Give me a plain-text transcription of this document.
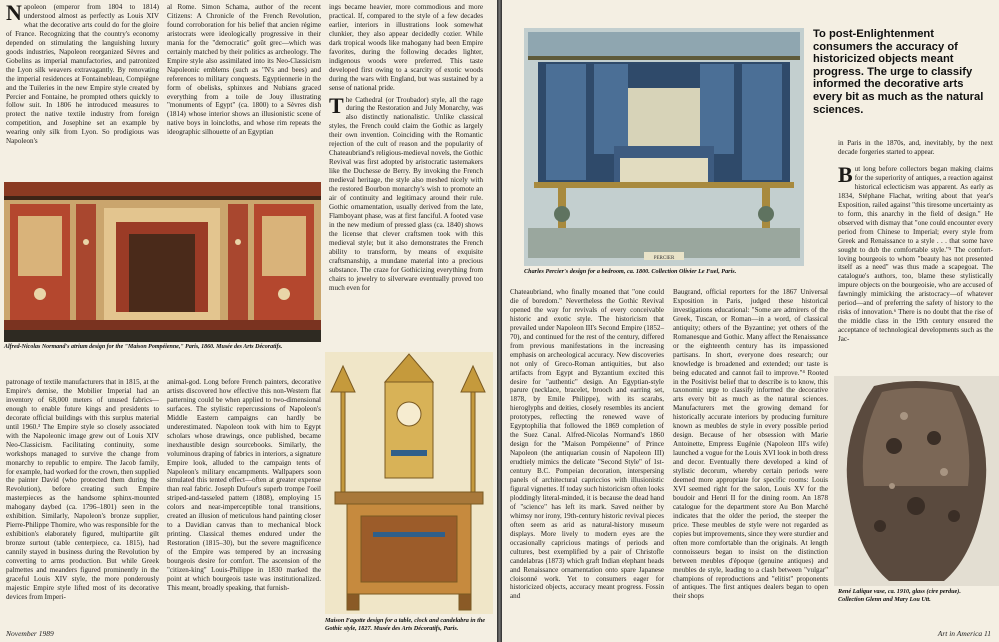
Napoleon (emperor from 1804 to 1814) understood almost as perfectly as Louis XIV what the decorative arts could do for the gloire of France. Recognizing that the country's economy depended on stimulating the languishing luxury goods industries, Napoleon reorganized Sèvres and Gobelins as imperial manufactories, and patronized the Lyon silk weavers extravagantly. By renovating the imperial residences at Fontainebleau, Compiègne and the Tuileries in the new Empire style created by Percier and Fontaine, he prompted others quickly to follow suit. In 1806 he introduced measures to protect the native textile industry from foreign competition, and Josephine set an example by wearing only silk from Lyon. So prodigious was Napoleon's

al Rome. Simon Schama, author of the recent Citizens: A Chronicle of the French Revolution, found corroboration for his belief that ancien régime aristocrats were ideologically progressive in their mania for the "democratic" goût grec—which was certainly matched by their politics as archeology. The Empire style also assimilated into its Neo-Classicism Napoleonic emblems (such as "N's and bees) and references to military conquests. Egyptiennerie in the form of obelisks, sphinxes and Nubians graced everything from a toile de Jouy illustrating "monuments of Egypt" (ca. 1800) to a Sèvres dish (1814) whose interior shows an illusionistic scene of native boys in loincloths, and whose rim repeats the ideographic silhouette of an Egyptian

ings became heavier, more commodious and more practical. If, compared to the style of a few decades earlier, interiors in illustrations look somewhat clunkier, they also appear decidedly cozier. While dark tropical woods like mahogany had been Empire favorites, during the following decades lighter, indigenous woods were preferred. This taste developed first owing to a scarcity of exotic woods during the wars with England, but was sustained by a sense of national pride.

The Cathedral (or Troubador) style, all the rage during the Restoration and July Monarchy, was also distinctly nationalistic. Unlike classical styles, the French could claim the Gothic as largely their own invention. Coinciding with the Romantic rejection of the cult of reason and the popularity of Chateaubriand's religious-medieval novels, the Gothic Revival was first adopted by aristocratic tastemakers like the Duchesse de Berry. By invoking the French medieval heritage, the style also meshed nicely with the restored Bourbon monarchy's wish to promote an air of continuity and legitimacy around their rule. Gothic ornamentation, usually derived from the late, Flamboyant phase, was at first fanciful. A footed vase in the new medium of pressed glass (ca. 1840) shows the license that clever craftsmen took with this medieval style; but it also demonstrates the French ability to transform, by means of exquisite craftsmanship, a mundane material into a precious substance. The craze for Gothicizing everything from chairs to jewelry to silverware eventually proved too much even for

Alfred-Nicolas Normand's atrium design for the "Maison Pompéienne," Paris, 1860. Musée des Arts Décoratifs.

patronage of textile manufacturers that in 1815, at the Empire's demise, the Mobilier Imperial had an inventory of 68,000 meters of unused fabrics—enough to enable future kings and presidents to decorate official buildings with this surplus material until 1960.³ The Empire style so closely associated with the Napoleonic image grew out of Louis XIV Neo-Classicism. Facilitating continuity, some workshops managed to survive the change from monarchy to republic to empire. The Jacob family, for example, had worked for the crown, then supplied the painter David (who protected them during the Revolution), before creating such Empire masterpieces as the handsome sphinx-mounted mahogany daybed (ca. 1796–1801) seen in the exhibition. Similarly, Napoleon's bronze supplier, Pierre-Philippe Thomire, who was responsible for the exhibition's elaborately figured, multipartite gilt bronze surtout (table centerpiece, ca. 1815), had cannily stayed in business during the Revolution by converting to arms production. But while Greek palmettes and meanders figured prominently in the graceful Louis XIV style, the more ponderously majestic Empire style lifted most of its decorative devices from Imperi-

animal-god. Long before French painters, decorative artists discovered how effective this non-Western flat patterning could be when applied to two-dimensional surfaces. The stylistic repercussions of Napoleon's Middle Eastern campaigns can hardly be underestimated. Napoleon took with him to Egypt scholars whose drawings, once published, became inexhaustible design sourcebooks. Similarly, the voluminous draping of fabrics in interiors, a signature Empire look, alluded to the campaign tents of Napoleon's military encampments. Wallpapers soon simulated this tented effect—often at greater expense than real fabric. Joseph Dufour's superb trompe l'oeil striped-and-tasseled pattern (1808), employing 15 colors and near-imperceptible tonal transitions, created an illusion of meticulous hand painting closer to a Davidian canvas than to mechanical block printing. Classical themes endured under the Restoration (1815–30), but the severe magnificence of the Empire was tempered by an increasing bourgeois desire for comfort. The ascension of the "citizen-king" Louis-Philippe in 1830 marked the point at which bourgeois taste was institutionalized. This meant, broadly speaking, that furnish-

Maison Fagotte design for a table, clock and candelabra in the Gothic style, 1827. Musée des Arts Décoratifs, Paris.
November 1989
PERCIER
Charles Percier's design for a bedroom, ca. 1800. Collection Olivier Le Fuel, Paris.
To post-Enlightenment consumers the accuracy of historicized objects meant progress. The urge to classify informed the decorative arts every bit as much as the natural sciences.

in Paris in the 1870s, and, inevitably, by the next decade forgeries started to appear.

Chateaubriand, who finally moaned that "one could die of boredom." Nevertheless the Gothic Revival opened the way for revivals of every conceivable historic and exotic style. The historicism that prevailed under Napoleon III's Second Empire (1852–70), and continued for the rest of the century, differed from previous manifestations in the increasing emphasis on archeological accuracy. New discoveries not only of Greco-Roman antiquities, but also artifacts from Egypt and Byzantium excited this desire for "authentic" design. An Egyptian-style parure (necklace, bracelet, brooch and earring set, 1878, by Emile Philippe), with its scarabs, hieroglyphs and deities, closely resembles its ancient prototypes, reflecting the renewed wave of Egyptophilia that followed the 1869 completion of the Suez Canal. Alfred-Nicolas Normand's 1860 design for the "Maison Pompéienne" of Prince Napoleon (the antiquarian cousin of Napoleon III) erudtiely mimics the delicate "Second Style" of 1st-century B.C. Pompeian decoration, interspersing panels of architectural capriccios with illusionistic figural vignettes. If today such historicism often looks ploddingly literal-minded, it is because the dead hand of "science" has left its mark. Saved neither by whimsy nor irony, 19th-century historic revival pieces often seem as arid as natural-history museum displays. More lively to modern eyes are the occasionally capricious matings of periods and cultures, best exemplified by a pair of Christofle candelabras (1873) which graft Indian elephant heads and Renaissance ornamentation onto spare Japanese cloisonné work. Yet to consumers eager for historicized objects, accuracy meant progress. Fossin and

Baugrand, official reporters for the 1867 Universal Exposition in Paris, judged these historical investigations educational: "Some are admirers of the Greek, Tuscan, or Roman—in a word, of classical antiquity; others of the Byzantine; yet others of the Romanesque and Gothic. Many affect the Renaissance or the eighteenth century has its impassioned partisans. In short, everyone does research; our knowledge is broadened and extended; our taste is being educated and cannot fail to improve."⁴ Rooted in the Positivist belief that to describe is to know, this taxonomic urge to classify informed the decorative arts every bit as much as the natural sciences. Manufacturers met the growing demand for historically accurate interiors by producing furniture known as meubles de style in every possible period design. Because of her obsession with Marie Antoinette, Empress Eugénie (Napoleon III's wife) launched a vogue for the Louis XVI look in both dress and decor. Eventually there developed a kind of stylistic decorum, whereby certain periods were deemed more appropriate for specific rooms: Louis XVI seemed right for the salon, Louis XV for the boudoir and Henri II for the dining room. An 1878 catalogue for the department store Au Bon Marché indicates that the older the period, the steeper the price. These meubles de style were not regarded as copies but improvements, since they were sturdier and often more comfortable than the originals. At length connoisseurs began to insist on the distinction between meubles d'époque (genuine antiques) and meubles de style, leading to a clash between "vulgar" champions of reproductions and "elitist" proponents of antiques. The first antiques dealers began to open their shops

But long before collectors began making claims for the superiority of antiques, a reaction against historical eclecticism was apparent. As early as 1834, Stéphane Flachat, writing about that year's Exposition, railed against "this tiresome uncertainty as to form, this anarchy in the field of design." He observed with dismay that "one could encounter every period from Chinese to Imperial; every style from Greek and Renaissance to a style . . . that some have sought to dub the comfortable style."⁵ The comfort-loving bourgeois to whom "beauty has not presented itself as a need" was thus made a scapegoat. The catalogue's authors, too, blame these stylistically impure objects on the bourgeoisie, who are accused of fawningly mimicking the aristocracy—of whatever period—and of preferring the safety of history to the risks of innovation.⁶ There is no doubt that the rise of the middle class in the 19th century ensured the acceptance of technological developments such as the Jac-

René Lalique vase, ca. 1910, glass (cire perdue). Collection Glenn and Mary Lou Utt.
Art in America 11
